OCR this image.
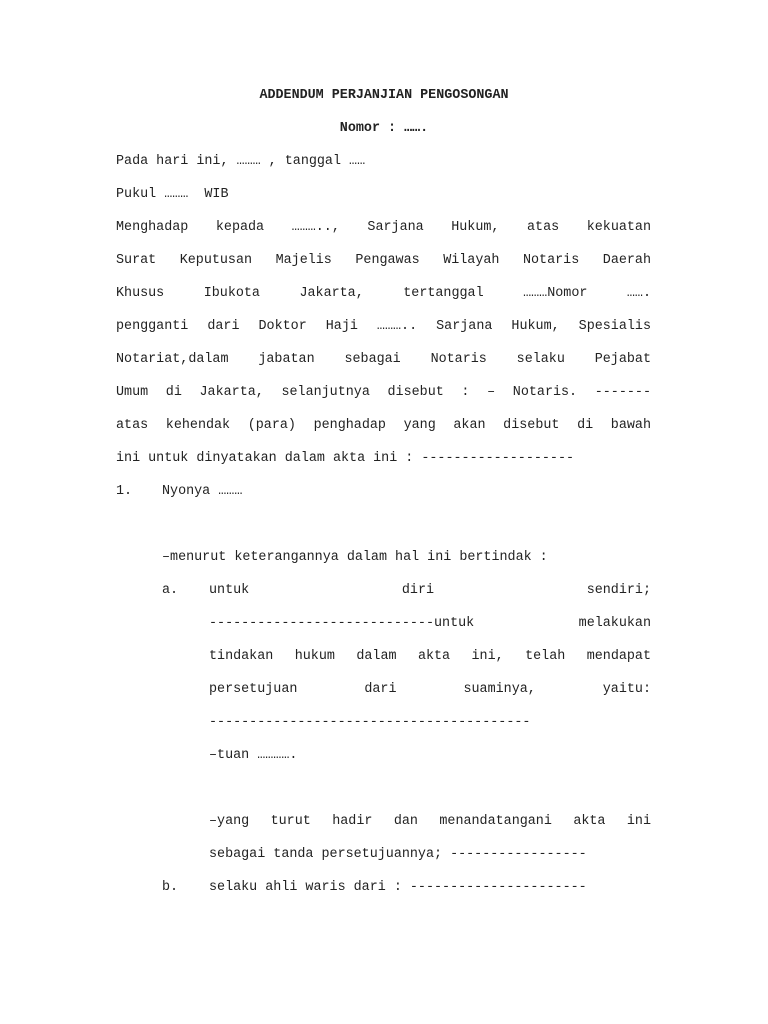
ADDENDUM PERJANJIAN PENGOSONGAN

Nomor : …….

Pada hari ini, ……… , tanggal ……

Pukul ………  WIB

Menghadap kepada ……….., Sarjana Hukum, atas kekuatan

Surat Keputusan Majelis Pengawas Wilayah Notaris Daerah

Khusus Ibukota Jakarta, tertanggal ………Nomor …….

pengganti dari Doktor Haji ……….. Sarjana Hukum, Spesialis

Notariat,dalam jabatan sebagai Notaris selaku Pejabat

Umum di Jakarta, selanjutnya disebut : – Notaris. -------

atas kehendak (para) penghadap yang akan disebut di bawah

ini untuk dinyatakan dalam akta ini : -------------------

1. Nyonya ………

–menurut keterangannya dalam hal ini bertindak :

a. untuk diri sendiri;

----------------------------untuk melakukan

tindakan hukum dalam akta ini, telah mendapat

persetujuan dari suaminya, yaitu:

----------------------------------------

–tuan ………….

–yang turut hadir dan menandatangani akta ini

sebagai tanda persetujuannya; -----------------

b. selaku ahli waris dari : ----------------------
